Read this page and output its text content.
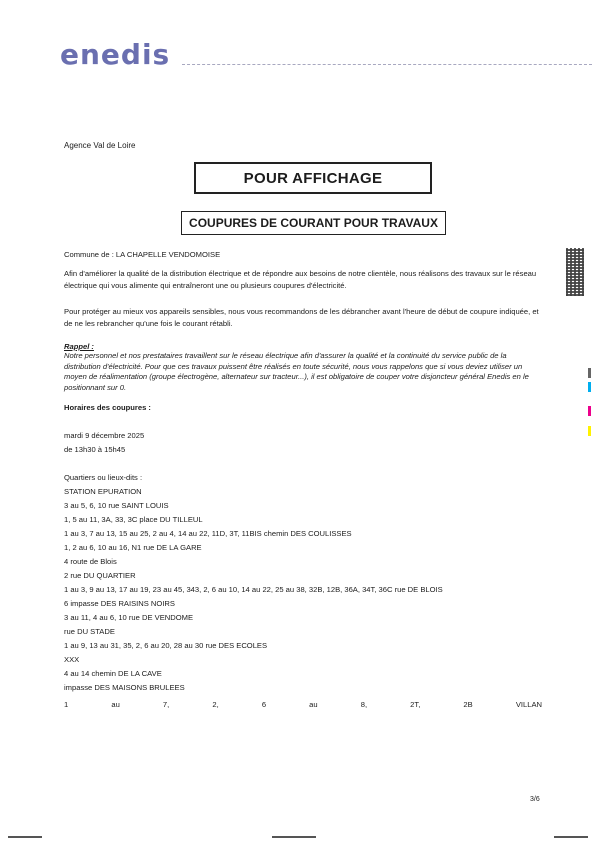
enedis
Agence Val de Loire
POUR AFFICHAGE
COUPURES DE COURANT POUR TRAVAUX
Commune de : LA CHAPELLE VENDOMOISE
Afin d'améliorer la qualité de la distribution électrique et de répondre aux besoins de notre clientèle, nous réalisons des travaux sur le réseau électrique qui vous alimente qui entraîneront une ou plusieurs coupures d'électricité.
Pour protéger au mieux vos appareils sensibles, nous vous recommandons de les débrancher avant l'heure de début de coupure indiquée, et de ne les rebrancher qu'une fois le courant rétabli.
Rappel :
Notre personnel et nos prestataires travaillent sur le réseau électrique afin d'assurer la qualité et la continuité du service public de la distribution d'électricité. Pour que ces travaux puissent être réalisés en toute sécurité, nous vous rappelons que si vous deviez utiliser un moyen de réalimentation (groupe électrogène, alternateur sur tracteur...), il est obligatoire de couper votre disjoncteur général Enedis en le positionnant sur 0.
Horaires des coupures :
mardi 9 décembre 2025
de 13h30 à 15h45
Quartiers ou lieux-dits :
STATION EPURATION
3 au 5, 6, 10 rue SAINT LOUIS
1, 5 au 11, 3A, 33, 3C place DU TILLEUL
1 au 3, 7 au 13, 15 au 25, 2 au 4, 14 au 22, 11D, 3T, 11BIS chemin DES COULISSES
1, 2 au 6, 10 au 16, N1 rue DE LA GARE
4 route de Blois
2 rue DU QUARTIER
1 au 3, 9 au 13, 17 au 19, 23 au 45, 343, 2, 6 au 10, 14 au 22, 25 au 38, 32B, 12B, 36A, 34T, 36C rue DE BLOIS
6 impasse DES RAISINS NOIRS
3 au 11, 4 au 6, 10 rue DE VENDOME
rue DU STADE
1 au 9, 13 au 31, 35, 2, 6 au 20, 28 au 30 rue DES ECOLES
XXX
4 au 14 chemin DE LA CAVE
impasse DES MAISONS BRULEES
1	au	7,	2,	6	au	8,	2T,	2B	VILLAN
3/6
